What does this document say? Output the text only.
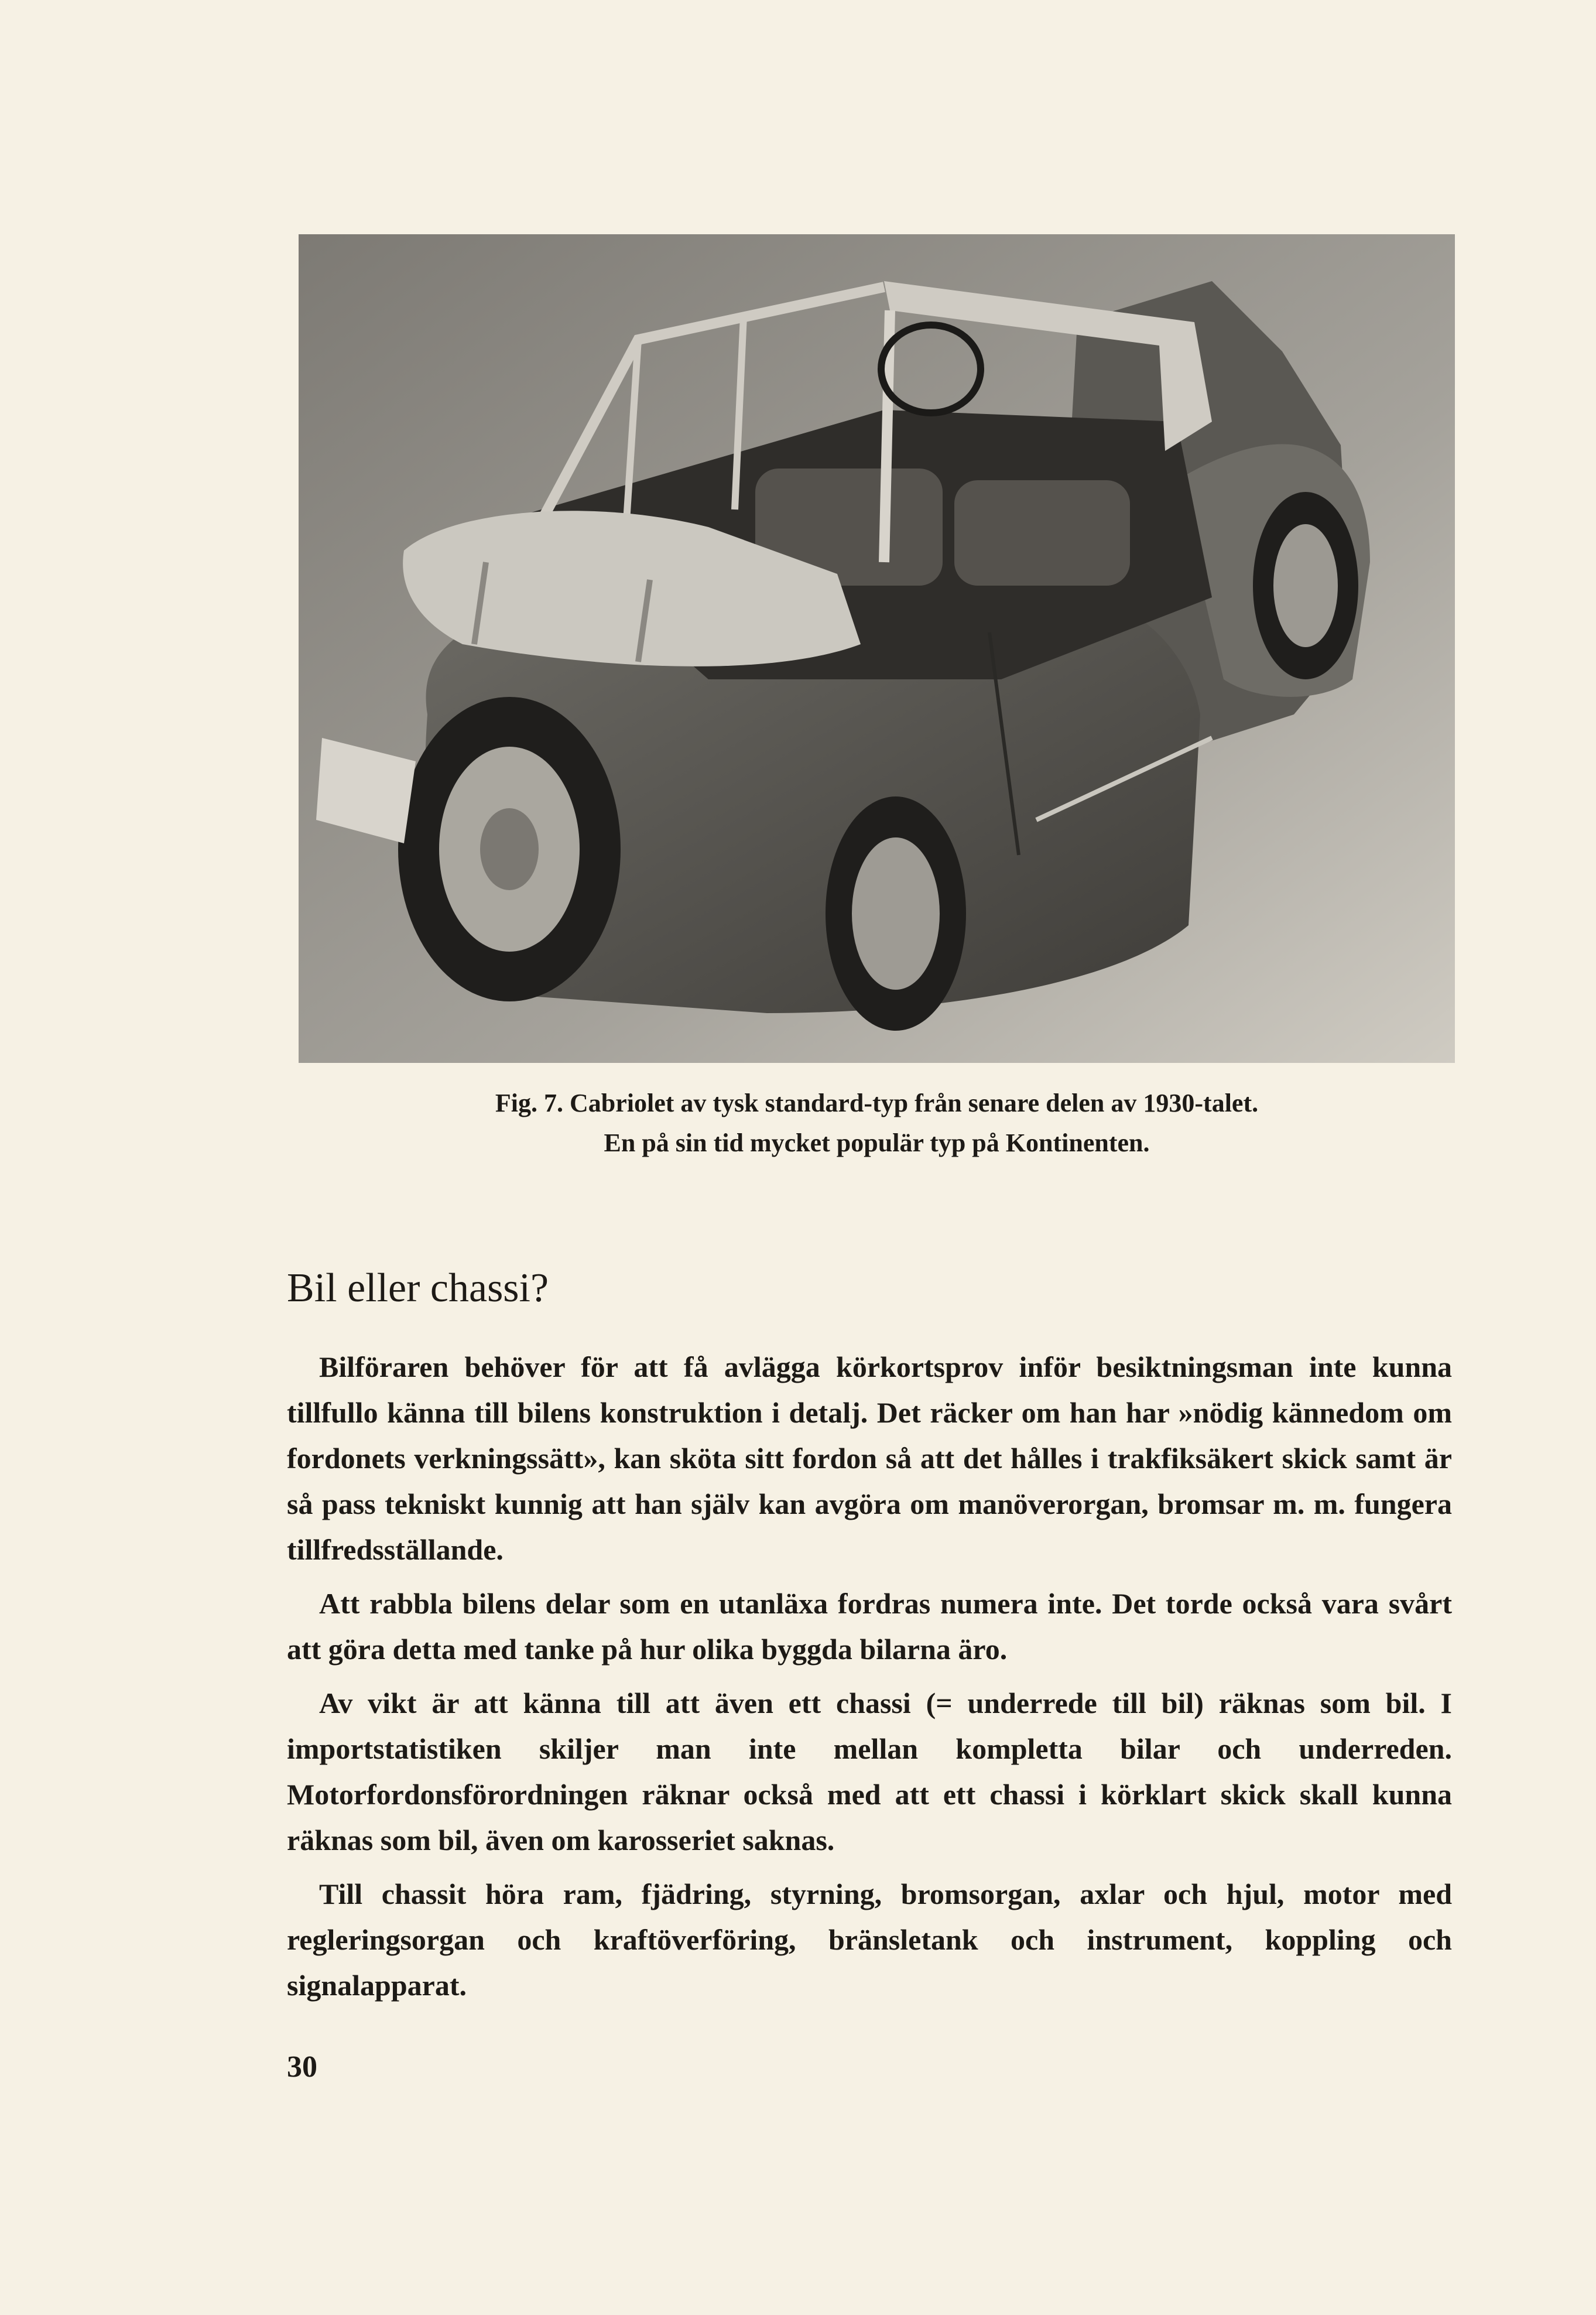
Fig. 7. Cabriolet av tysk standard-typ från senare delen av 1930-talet.

En på sin tid mycket populär typ på Kontinenten.

Bil eller chassi?

Bilföraren behöver för att få avlägga körkortsprov inför besiktningsman inte kunna tillfullo känna till bilens konstruktion i detalj. Det räcker om han har »nödig kännedom om fordonets verkningssätt», kan sköta sitt fordon så att det hålles i trakfiksäkert skick samt är så pass tekniskt kunnig att han själv kan avgöra om manöverorgan, bromsar m. m. fungera tillfredsställande.

Att rabbla bilens delar som en utanläxa fordras numera inte. Det torde också vara svårt att göra detta med tanke på hur olika byggda bilarna äro.

Av vikt är att känna till att även ett chassi (= underrede till bil) räknas som bil. I importstatistiken skiljer man inte mellan kompletta bilar och underreden. Motorfordonsförordningen räknar också med att ett chassi i körklart skick skall kunna räknas som bil, även om karosseriet saknas.

Till chassit höra ram, fjädring, styrning, bromsorgan, axlar och hjul, motor med regleringsorgan och kraftöverföring, bränsletank och instrument, koppling och signalapparat.

30
